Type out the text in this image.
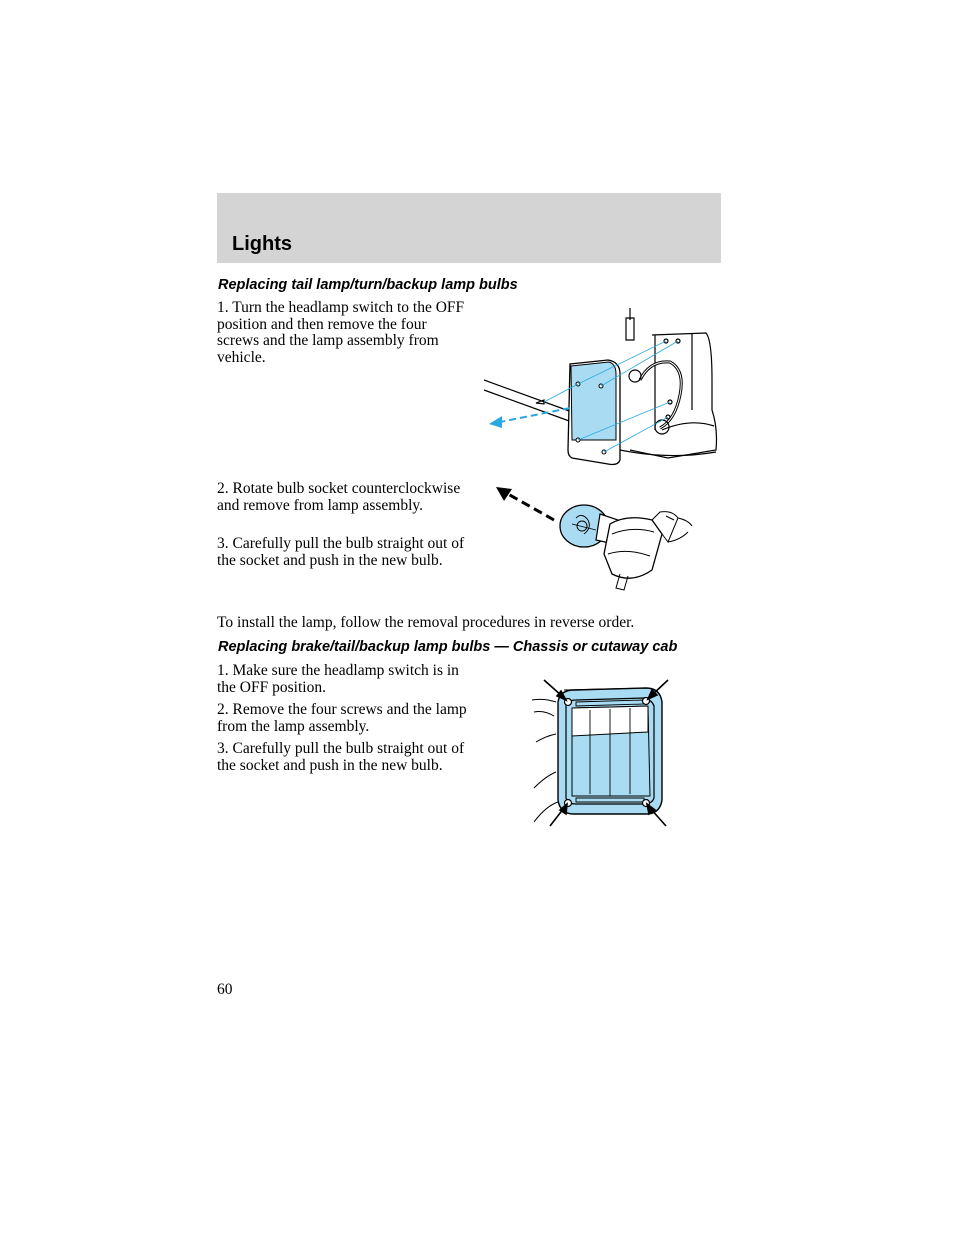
Lights
Replacing tail lamp/turn/backup lamp bulbs
1. Turn the headlamp switch to the OFF position and then remove the four screws and the lamp assembly from vehicle.
2. Rotate bulb socket counterclockwise and remove from lamp assembly.
3. Carefully pull the bulb straight out of the socket and push in the new bulb.
To install the lamp, follow the removal procedures in reverse order.
Replacing brake/tail/backup lamp bulbs — Chassis or cutaway cab
1. Make sure the headlamp switch is in the OFF position.
2. Remove the four screws and the lamp from the lamp assembly.
3. Carefully pull the bulb straight out of the socket and push in the new bulb.
60
